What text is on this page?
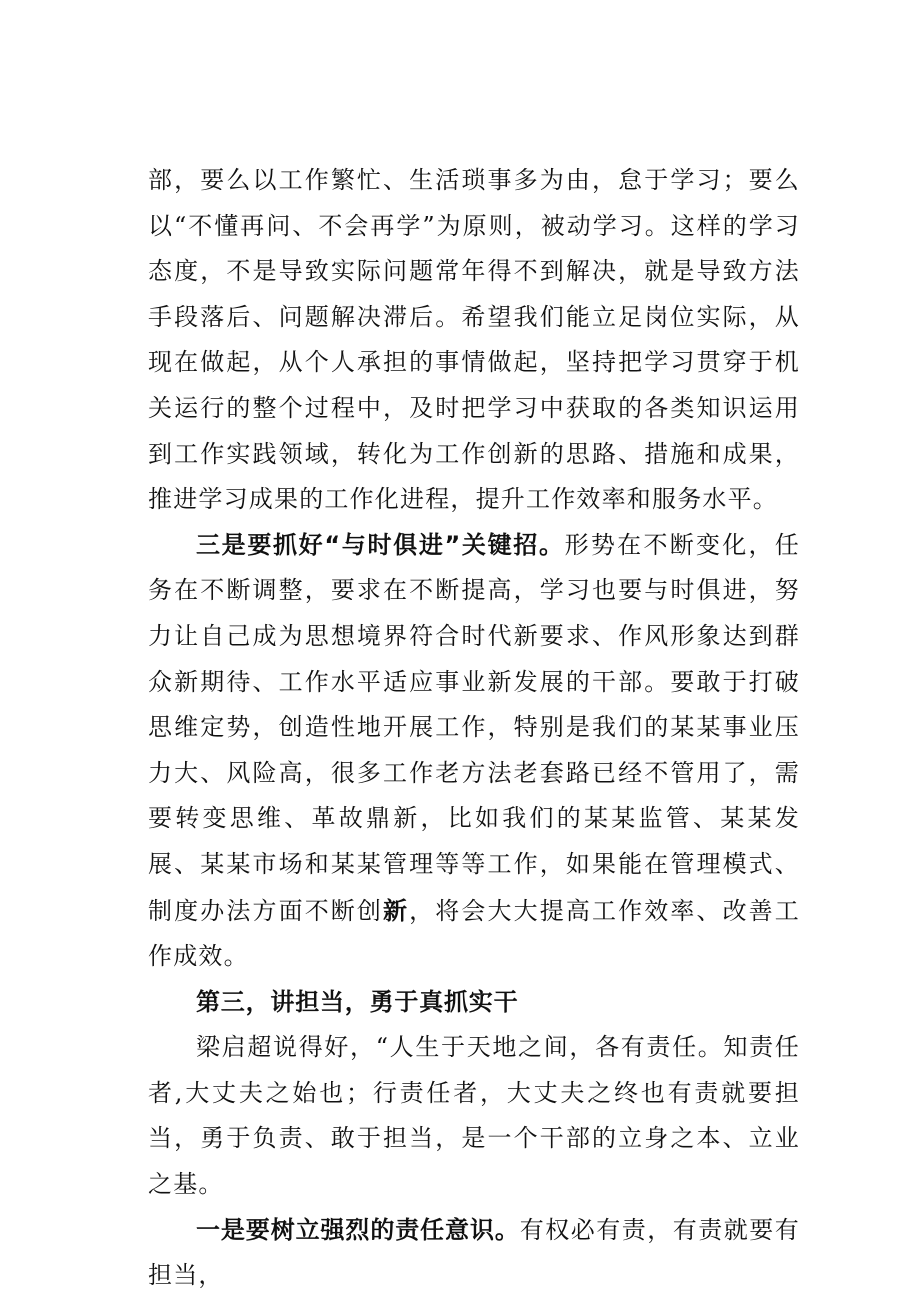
部，要么以工作繁忙、生活琐事多为由，怠于学习；要么以“不懂再问、不会再学”为原则，被动学习。这样的学习态度，不是导致实际问题常年得不到解决，就是导致方法手段落后、问题解决滞后。希望我们能立足岗位实际，从现在做起，从个人承担的事情做起，坚持把学习贯穿于机关运行的整个过程中，及时把学习中获取的各类知识运用到工作实践领域，转化为工作创新的思路、措施和成果，推进学习成果的工作化进程，提升工作效率和服务水平。

三是要抓好“与时俱进”关键招。形势在不断变化，任务在不断调整，要求在不断提高，学习也要与时俱进，努力让自己成为思想境界符合时代新要求、作风形象达到群众新期待、工作水平适应事业新发展的干部。要敢于打破思维定势，创造性地开展工作，特别是我们的某某事业压力大、风险高，很多工作老方法老套路已经不管用了，需要转变思维、革故鼎新，比如我们的某某监管、某某发展、某某市场和某某管理等等工作，如果能在管理模式、制度办法方面不断创新，将会大大提高工作效率、改善工作成效。

第三，讲担当，勇于真抓实干

梁启超说得好，“人生于天地之间，各有责任。知责任者,大丈夫之始也；行责任者，大丈夫之终也有责就要担当，勇于负责、敢于担当，是一个干部的立身之本、立业之基。

一是要树立强烈的责任意识。有权必有责，有责就要有担当，
